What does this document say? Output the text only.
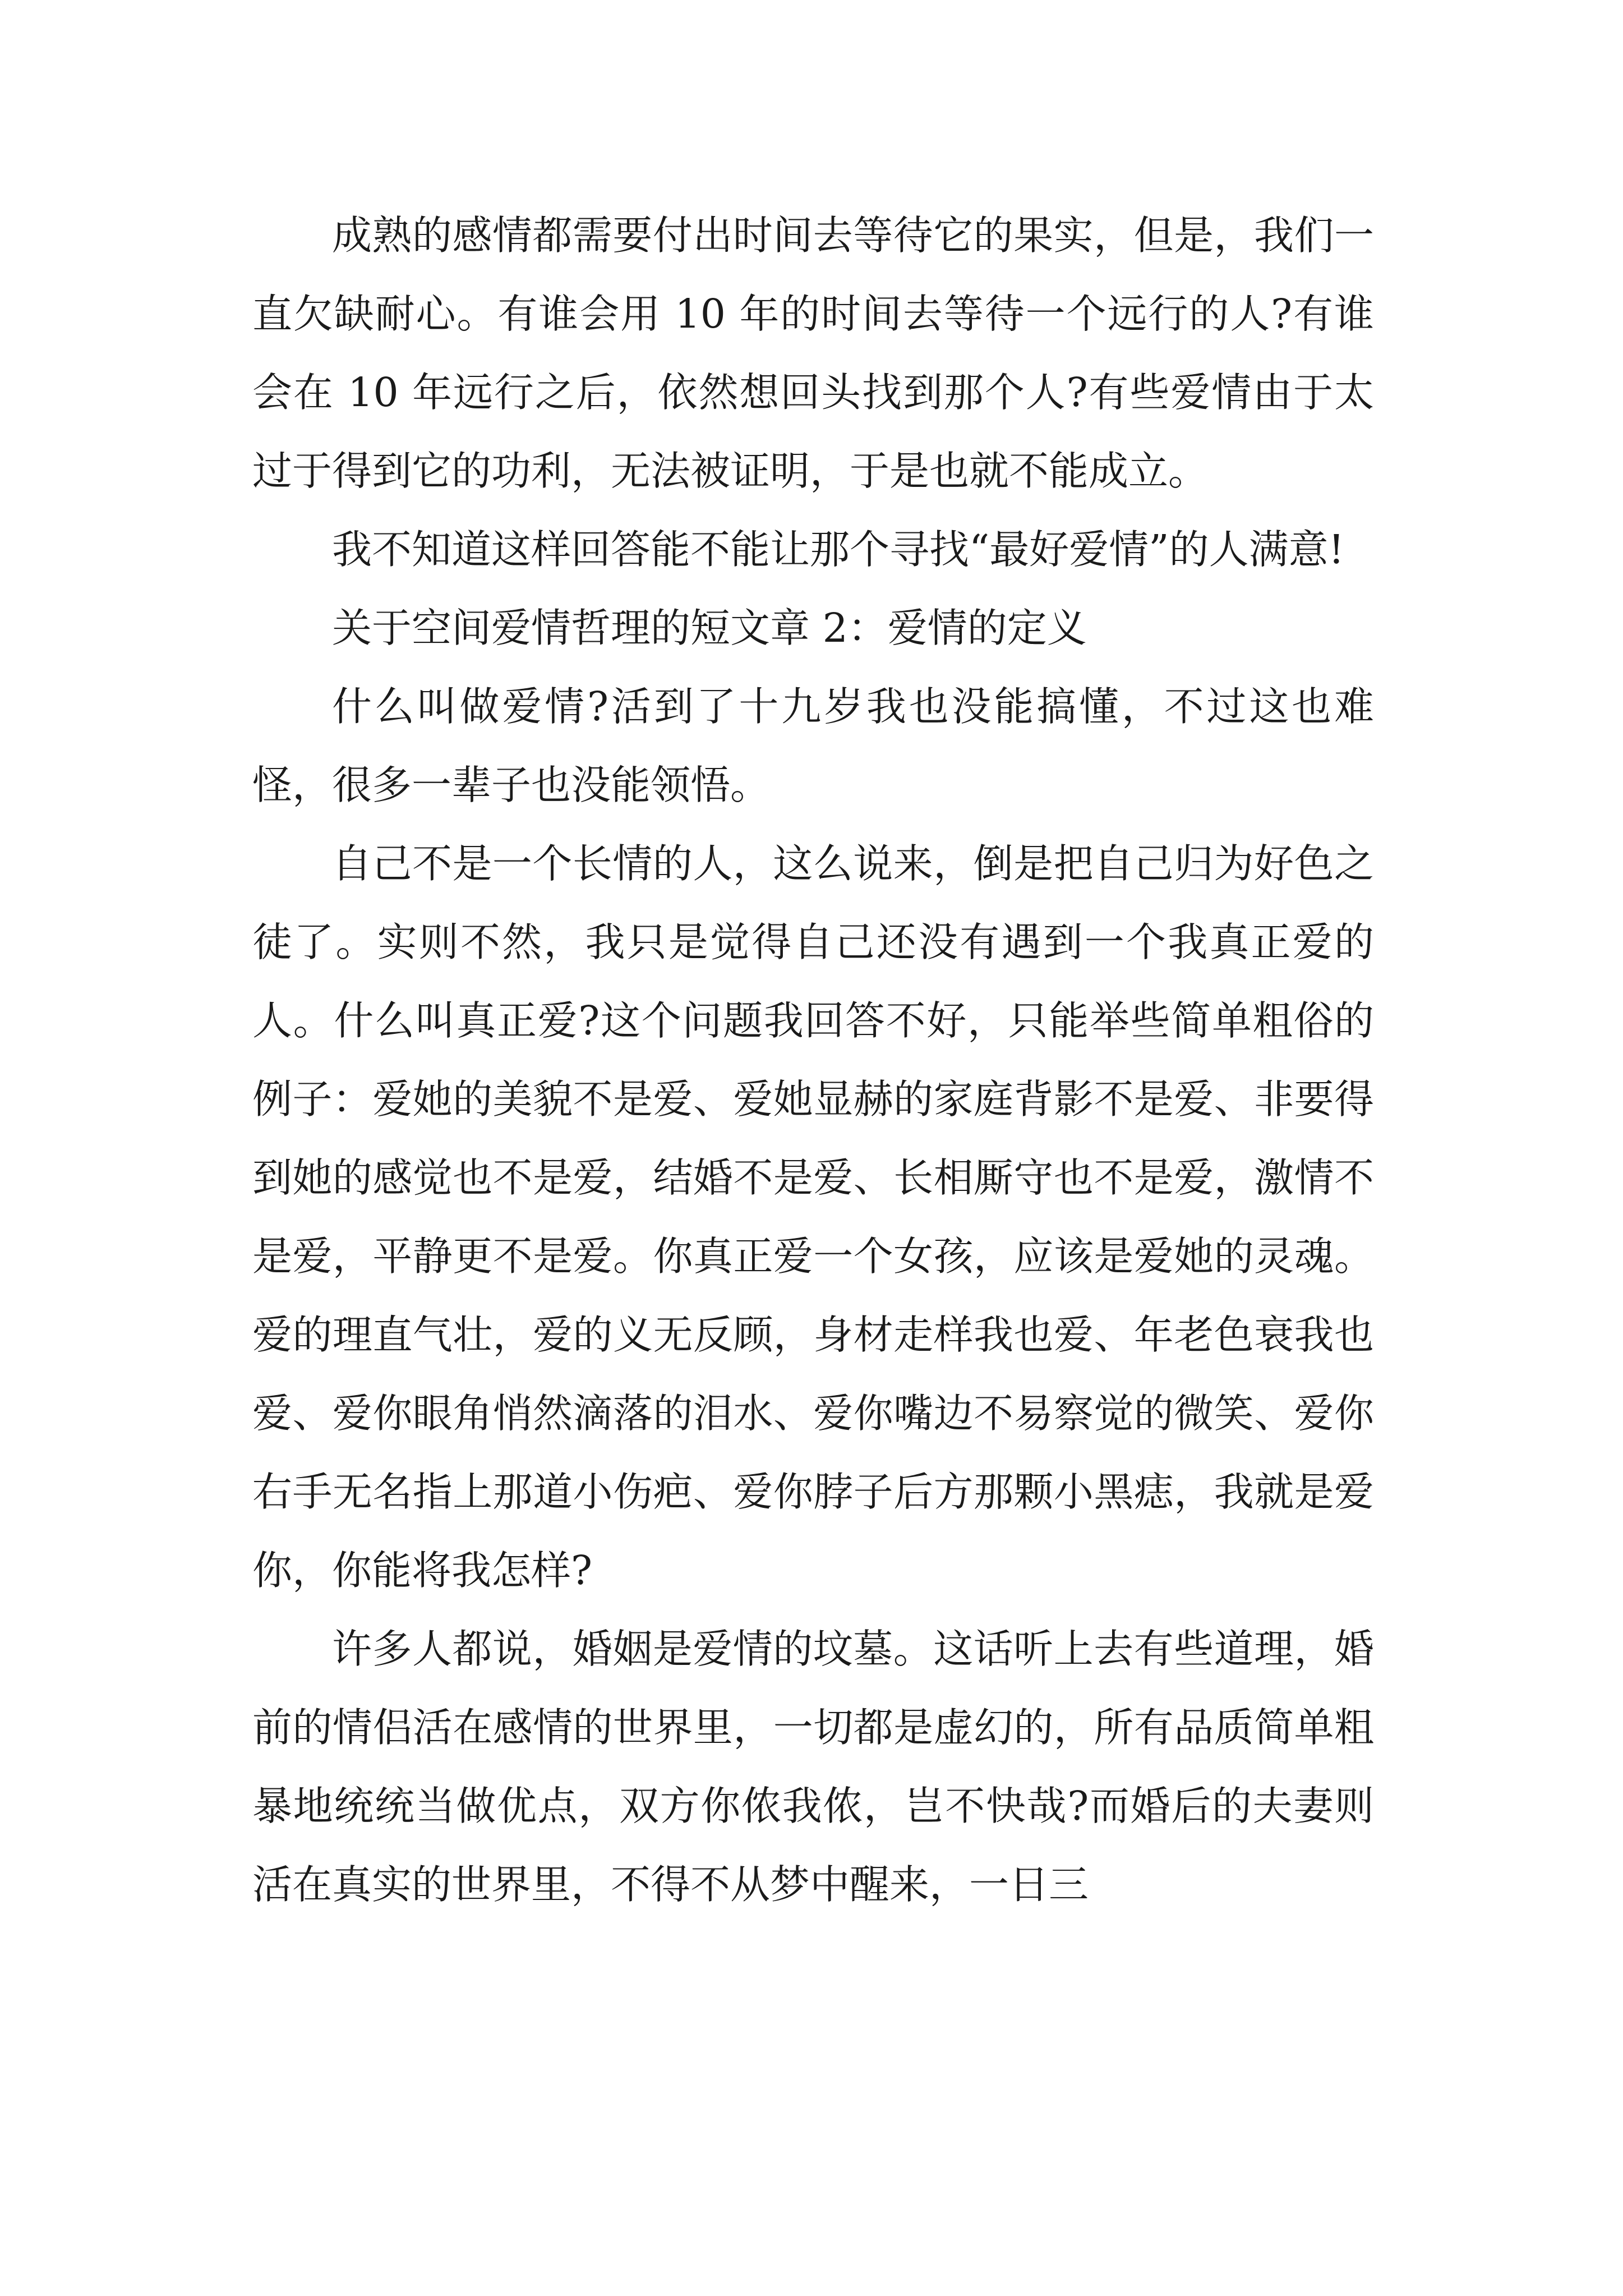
成熟的感情都需要付出时间去等待它的果实，但是，我们一直欠缺耐心。有谁会用 10 年的时间去等待一个远行的人?有谁会在 10 年远行之后，依然想回头找到那个人?有些爱情由于太过于得到它的功利，无法被证明，于是也就不能成立。

我不知道这样回答能不能让那个寻找“最好爱情”的人满意!

关于空间爱情哲理的短文章 2：爱情的定义

什么叫做爱情?活到了十九岁我也没能搞懂，不过这也难怪，很多一辈子也没能领悟。

自己不是一个长情的人，这么说来，倒是把自己归为好色之徒了。实则不然，我只是觉得自己还没有遇到一个我真正爱的人。什么叫真正爱?这个问题我回答不好，只能举些简单粗俗的例子：爱她的美貌不是爱、爱她显赫的家庭背影不是爱、非要得到她的感觉也不是爱，结婚不是爱、长相厮守也不是爱，激情不是爱，平静更不是爱。你真正爱一个女孩，应该是爱她的灵魂。爱的理直气壮，爱的义无反顾，身材走样我也爱、年老色衰我也爱、爱你眼角悄然滴落的泪水、爱你嘴边不易察觉的微笑、爱你右手无名指上那道小伤疤、爱你脖子后方那颗小黑痣，我就是爱你，你能将我怎样?

许多人都说，婚姻是爱情的坟墓。这话听上去有些道理，婚前的情侣活在感情的世界里，一切都是虚幻的，所有品质简单粗暴地统统当做优点，双方你侬我侬，岂不快哉?而婚后的夫妻则活在真实的世界里，不得不从梦中醒来，一日三
